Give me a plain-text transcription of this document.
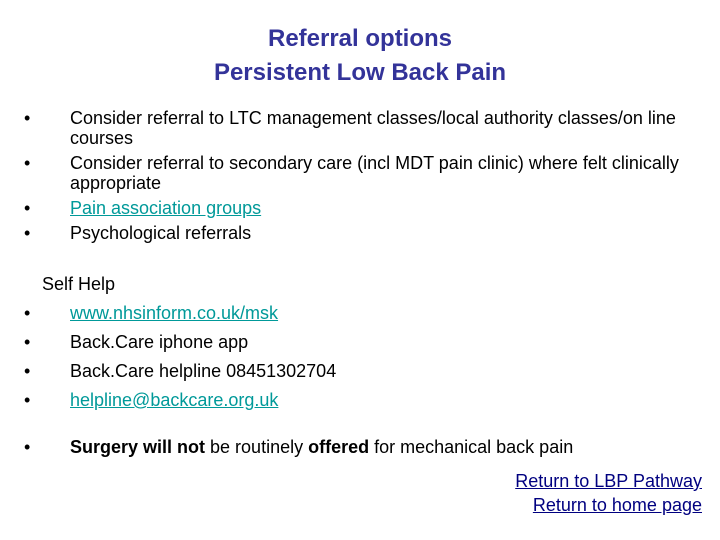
Referral options
Persistent Low Back Pain
• Consider referral to LTC management classes/local authority classes/on line courses
• Consider referral to secondary care (incl MDT pain clinic) where felt clinically appropriate
• Pain association groups
• Psychological referrals
Self Help
• www.nhsinform.co.uk/msk
• Back.Care iphone app
• Back.Care helpline 08451302704
• helpline@backcare.org.uk
• Surgery will not be routinely offered for mechanical back pain
Return to LBP Pathway
Return to home page
